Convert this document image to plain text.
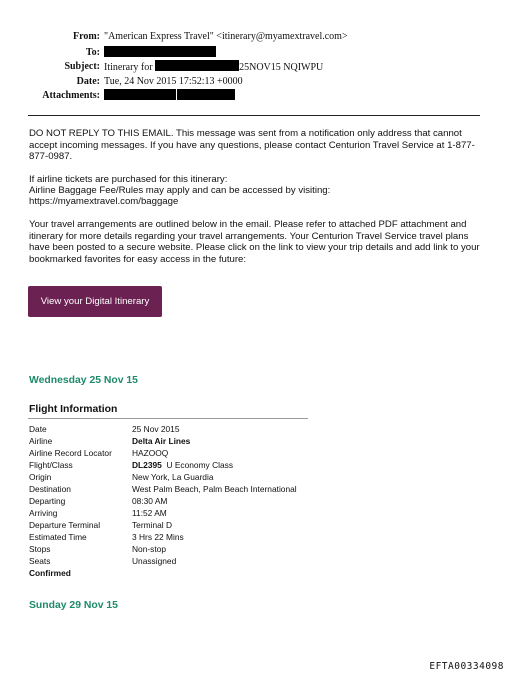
From: "American Express Travel" <itinerary@myamextravel.com>
To:
Subject: Itinerary for	25NOV15 NQIWPU
Date: Tue, 24 Nov 2015 17:52:13 +0000
Attachments:
DO NOT REPLY TO THIS EMAIL. This message was sent from a notification only address that cannot accept incoming messages. If you have any questions, please contact Centurion Travel Service at 1-877-877-0987.
If airline tickets are purchased for this itinerary:
Airline Baggage Fee/Rules may apply and can be accessed by visiting:
https://myamextravel.com/baggage
Your travel arrangements are outlined below in the email. Please refer to attached PDF attachment and itinerary for more details regarding your travel arrangements. Your Centurion Travel Service travel plans have been posted to a secure website. Please click on the link to view your trip details and add link to your bookmarked favorites for easy access in the future:
View your Digital Itinerary
Wednesday 25 Nov 15
Flight Information
Date	25 Nov 2015
Airline	Delta Air Lines
Airline Record Locator HAZOOQ
Flight/Class	DL2395 U Economy Class
Origin	New York, La Guardia
Destination	West Palm Beach, Palm Beach International
Departing	08:30 AM
Arriving	11:52 AM
Departure Terminal	Terminal D
Estimated Time	3 Hrs 22 Mins
Stops	Non-stop
Seats	Unassigned
Confirmed
Sunday 29 Nov 15
EFTA00334098
